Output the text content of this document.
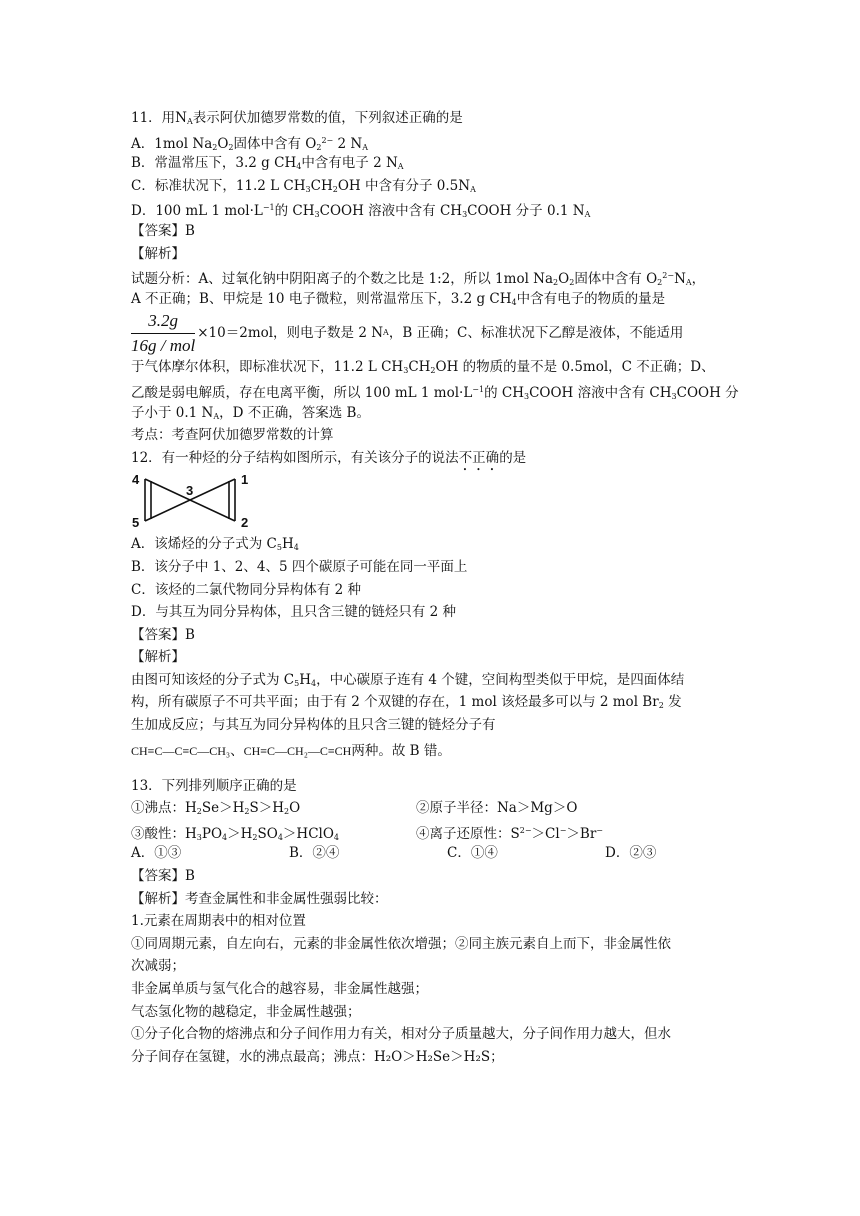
11．用$N_A$表示阿伏加德罗常数的值，下列叙述正确的是
A．1mol $Na_2O_2$固体中含有 $O_2^{2-}$ 2 $N_A$
B．常温常压下，3.2 g $CH_4$中含有电子 2 $N_A$
C．标准状况下，11.2 L $CH_3CH_2OH$ 中含有分子 $0.5N_A$
D．100 mL 1 $mol\cdot L^{-1}$的 $CH_3COOH$ 溶液中含有 $CH_3COOH$ 分子 0.1 $N_A$
【答案】B
【解析】
试题分析：A、过氧化钠中阴阳离子的个数之比是 1:2，所以 1mol $Na_2O_2$固体中含有 $O_2^{2-}N_A$，
A 不正确；B、甲烷是 10 电子微粒，则常温常压下，3.2 g $CH_4$中含有电子的物质的量是
$\frac{3.2g}{\text{16g / mol}} \times 10=2mol$，则电子数是 2 N A ，B 正确；C、标准状况下乙醇是液体，不能适用
于气体摩尔体积，即标准状况下，11.2 L $CH_3CH_2OH$ 的物质的量不是 0.5mol，C 不正确；D、
乙酸是弱电解质，存在电离平衡，所以 100 mL 1 $mol\cdot L^{-1}$的 $CH_3COOH$ 溶液中含有 $CH_3COOH$ 分
子小于 0.1 $N_A$，D 不正确，答案选 B。
考点：考查阿伏加德罗常数的计算
12．有一种烃的分子结构如图所示，有关该分子的说法不正确的是
4	1
3
5	2
A．该烯烃的分子式为 $C_5H_4$
B．该分子中 1、2、4、5 四个碳原子可能在同一平面上
C．该烃的二氯代物同分异构体有 2 种
D．与其互为同分异构体，且只含三键的链烃只有 2 种
【答案】B
【解析】
由图可知该烃的分子式为 $C_5H_4$，中心碳原子连有 4 个键，空间构型类似于甲烷，是四面体结
构，所有碳原子不可共平面；由于有 2 个双键的存在，1 mol 该烃最多可以与 2 mol $Br_2$ 发
生加成反应；与其互为同分异构体的且只含三键的链烃分子有
CH≡C—C≡C—CH₃ 、 CH≡C—CH₂—C≡CH 两种。故 B 错。
13．下列排列顺序正确的是
①沸点：$H_2Se>H_2S>H_2O$	②原子半径：Na＞Mg＞O
③酸性：$H_3PO_4>H_2SO_4>HClO_4$	④离子还原性：$S^{2-}>Cl^->Br^-$
A．①③	B．②④	C．①④	D．②③
【答案】B
【解析】考查金属性和非金属性强弱比较：
1.元素在周期表中的相对位置
①同周期元素，自左向右，元素的非金属性依次增强；②同主族元素自上而下，非金属性依
次减弱；
非金属单质与氢气化合的越容易，非金属性越强；
气态氢化物的越稳定，非金属性越强；
①分子化合物的熔沸点和分子间作用力有关，相对分子质量越大，分子间作用力越大，但水
分子间存在氢键，水的沸点最高；沸点：H₂O＞H₂Se＞H₂S；
